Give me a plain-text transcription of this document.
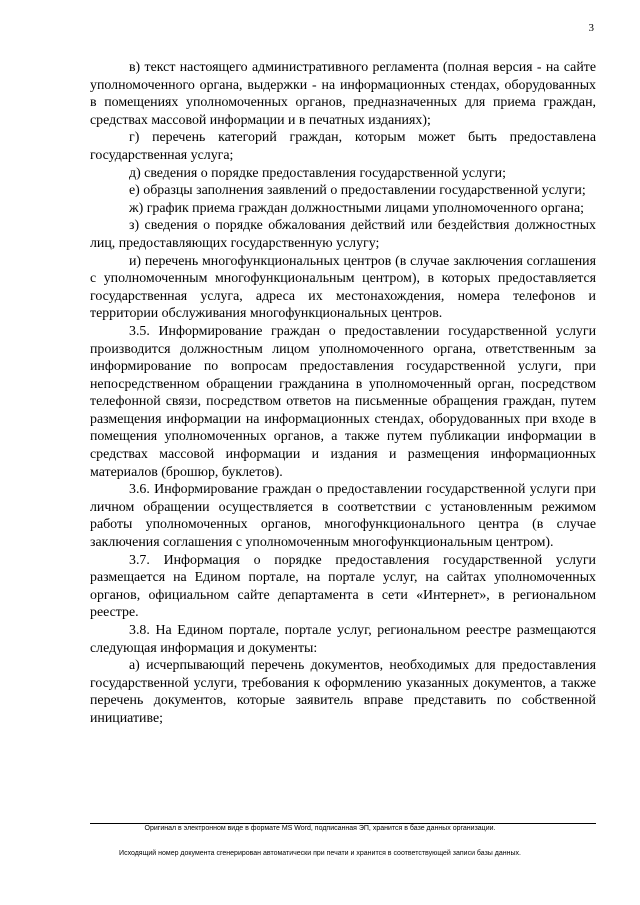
3

в) текст настоящего административного регламента (полная версия - на сайте уполномоченного органа, выдержки - на информационных стендах, оборудованных в помещениях уполномоченных органов, предназначенных для приема граждан, средствах массовой информации и в печатных изданиях);

г) перечень категорий граждан, которым может быть предоставлена государственная услуга;

д) сведения о порядке предоставления государственной услуги;

е) образцы заполнения заявлений о предоставлении государственной услуги;

ж) график приема граждан должностными лицами уполномоченного органа;

з) сведения о порядке обжалования действий или бездействия должностных лиц, предоставляющих государственную услугу;

и) перечень многофункциональных центров (в случае заключения соглашения с уполномоченным многофункциональным центром), в которых предоставляется государственная услуга, адреса их местонахождения, номера телефонов и территории обслуживания многофункциональных центров.

3.5. Информирование граждан о предоставлении государственной услуги производится должностным лицом уполномоченного органа, ответственным за информирование по вопросам предоставления государственной услуги, при непосредственном обращении гражданина в уполномоченный орган, посредством телефонной связи, посредством ответов на письменные обращения граждан, путем размещения информации на информационных стендах, оборудованных при входе в помещения уполномоченных органов, а также путем публикации информации в средствах массовой информации и издания и размещения информационных материалов (брошюр, буклетов).

3.6. Информирование граждан о предоставлении государственной услуги при личном обращении осуществляется в соответствии с установленным режимом работы уполномоченных органов, многофункционального центра (в случае заключения соглашения с уполномоченным многофункциональным центром).

3.7. Информация о порядке предоставления государственной услуги размещается на Едином портале, на портале услуг, на сайтах уполномоченных органов, официальном сайте департамента в сети «Интернет», в региональном реестре.

3.8. На Едином портале, портале услуг, региональном реестре размещаются следующая информация и документы:

а) исчерпывающий перечень документов, необходимых для предоставления государственной услуги, требования к оформлению указанных документов, а также перечень документов, которые заявитель вправе представить по собственной инициативе;

Оригинал в электронном виде в формате MS Word, подписанная ЭП, хранится в базе данных организации.
Исходящий номер документа сгенерирован автоматически при печати и хранится в соответствующей записи базы данных.
